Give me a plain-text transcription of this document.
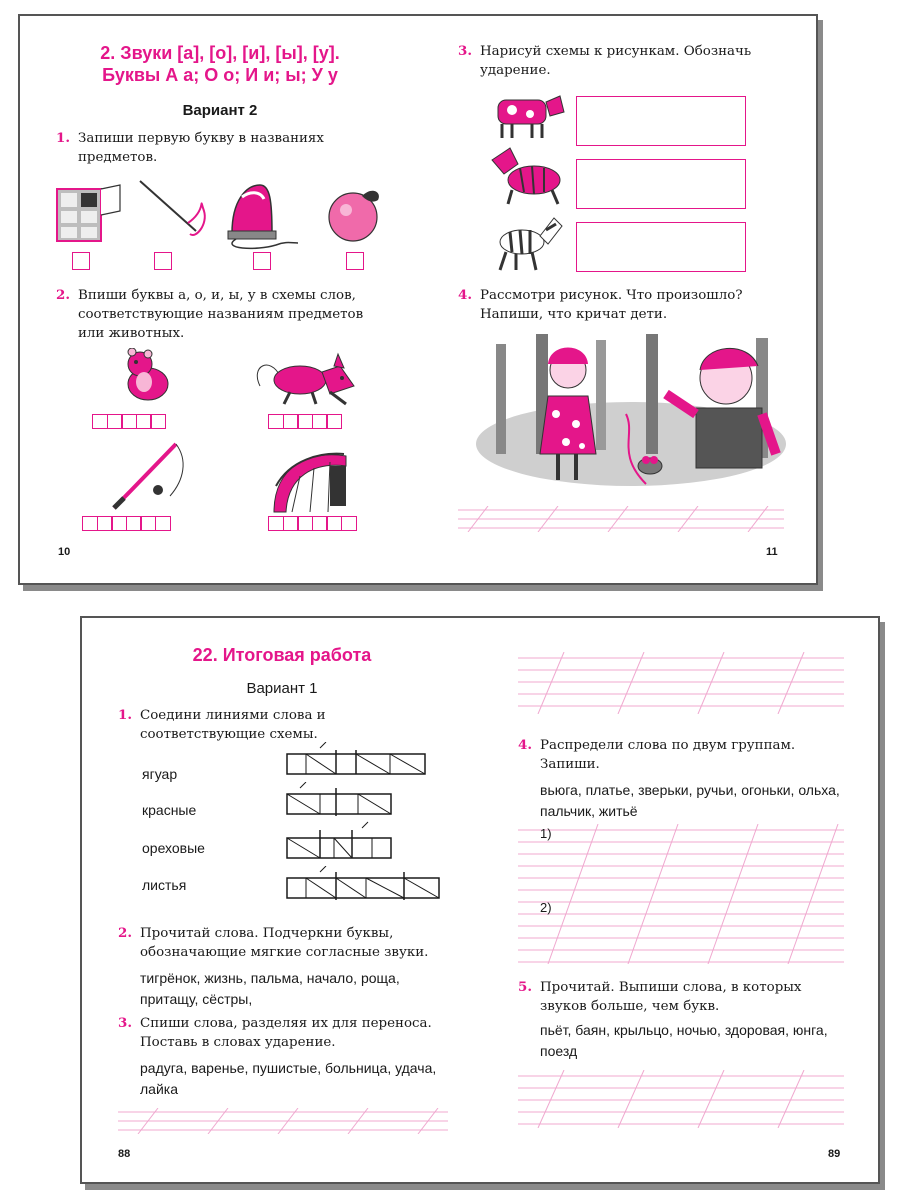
2. Звуки [а], [о], [и], [ы], [у].
Буквы А а; О о; И и; ы; У у
Вариант 2
1. Запиши первую букву в названиях предметов.
2. Впиши буквы а, о, и, ы, у в схемы слов, соответствующие названиям предметов или животных.
10
3. Нарисуй схемы к рисункам. Обозначь ударение.
4. Рассмотри рисунок. Что произошло? Напиши, что кричат дети.
11
22. Итоговая работа
Вариант 1
1. Соедини линиями слова и соответствующие схемы.
ягуар
красные
ореховые
листья
2. Прочитай слова. Подчеркни буквы, обозначающие мягкие согласные звуки.
тигрёнок, жизнь, пальма, начало, роща, притащу, сёстры,
3. Спиши слова, разделяя их для переноса. Поставь в словах ударение.
радуга, варенье, пушистые, больница, удача, лайка
88
4. Распредели слова по двум группам. Запиши.
вьюга, платье, зверьки, ручьи, огоньки, ольха, пальчик, житьё
1)
2)
5. Прочитай. Выпиши слова, в которых звуков больше, чем букв.
пьёт, баян, крыльцо, ночью, здоровая, юнга, поезд
89
